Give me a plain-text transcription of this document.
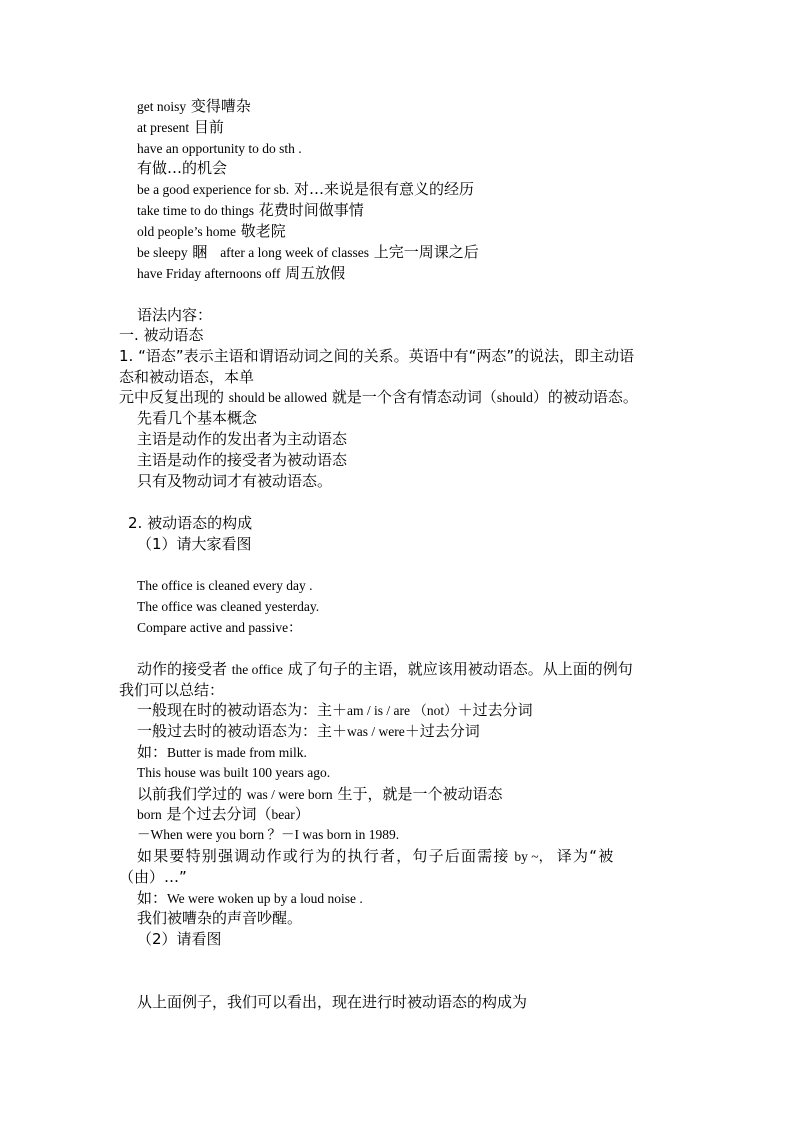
get noisy 变得嘈杂
at present 目前
have an opportunity to do sth .
有做…的机会
be a good experience for sb. 对…来说是很有意义的经历
take time to do things 花费时间做事情
old people’s home 敬老院
be sleepy 睏 after a long week of classes 上完一周课之后
have Friday afternoons off 周五放假
语法内容：
一. 被动语态
1. “语态”表示主语和谓语动词之间的关系。英语中有“两态”的说法，即主动语
态和被动语态，本单
元中反复出现的 should be allowed 就是一个含有情态动词（should）的被动语态。
先看几个基本概念
主语是动作的发出者为主动语态
主语是动作的接受者为被动语态
只有及物动词才有被动语态。
2. 被动语态的构成
（1）请大家看图
The office is cleaned every day .
The office was cleaned yesterday.
Compare active and passive：
动作的接受者 the office 成了句子的主语，就应该用被动语态。从上面的例句
我们可以总结：
一般现在时的被动语态为：主＋am / is / are （not）＋过去分词
一般过去时的被动语态为：主＋was / were＋过去分词
如：Butter is made from milk.
This house was built 100 years ago.
以前我们学过的 was / were born 生于，就是一个被动语态
born 是个过去分词（bear）
－When were you born ？－I was born in 1989.
如果要特别强调动作或行为的执行者，句子后面需接 by ~， 译为“被
（由）…”
如：We were woken up by a loud noise .
我们被嘈杂的声音吵醒。
（2）请看图
从上面例子，我们可以看出，现在进行时被动语态的构成为
